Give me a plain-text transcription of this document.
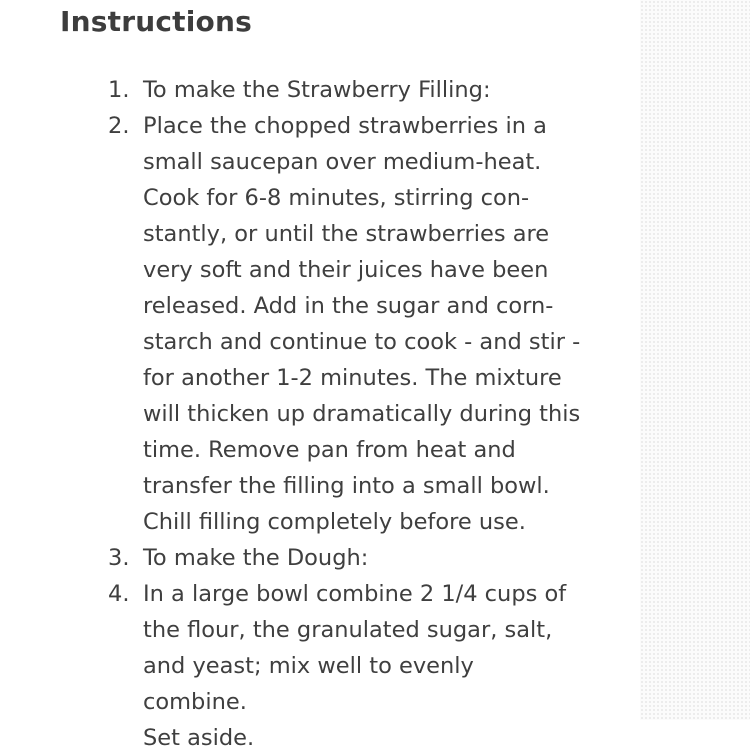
Instructions
1. To make the Strawberry Filling:
2. Place the chopped strawberries in a
small saucepan over medium-heat.
Cook for 6-8 minutes, stirring con-
stantly, or until the strawberries are
very soft and their juices have been
released. Add in the sugar and corn-
starch and continue to cook - and stir -
for another 1-2 minutes. The mixture
will thicken up dramatically during this
time. Remove pan from heat and
transfer the filling into a small bowl.
Chill filling completely before use.
3. To make the Dough:
4. In a large bowl combine 2 1/4 cups of
the flour, the granulated sugar, salt,
and yeast; mix well to evenly combine.
Set aside.
